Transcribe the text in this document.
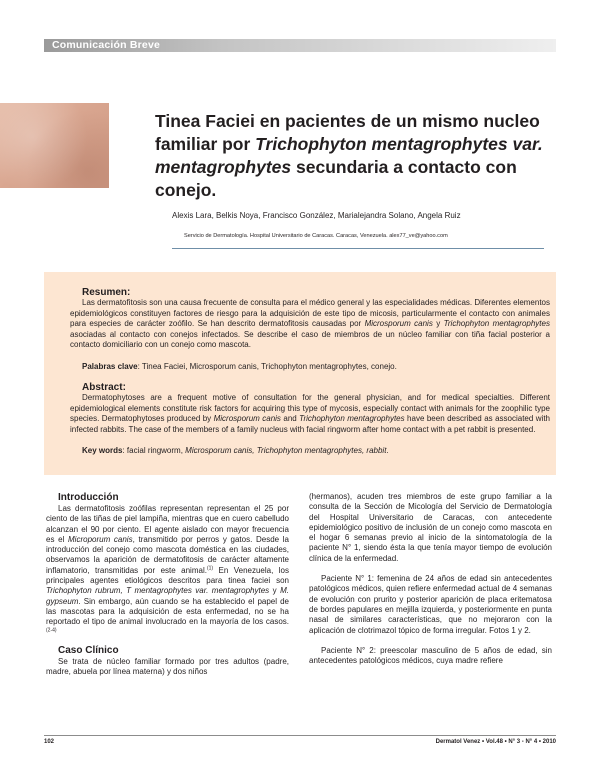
Comunicación Breve
Tinea Faciei en pacientes de un mismo nucleo familiar por Trichophyton mentagrophytes var. mentagrophytes secundaria a contacto con conejo.
Alexis Lara, Belkis Noya, Francisco González, Marialejandra Solano, Angela Ruiz
Servicio de Dermatología. Hospital Universitario de Caracas. Caracas, Venezuela. alex77_ve@yahoo.com
Resumen:

Las dermatofitosis son una causa frecuente de consulta para el médico general y las especialidades médicas. Diferentes elementos epidemiológicos constituyen factores de riesgo para la adquisición de este tipo de micosis, particularmente el contacto con animales para especies de carácter zoófilo. Se han descrito dermatofitosis causadas por Microsporum canis y Trichophyton mentagrophytes asociadas al contacto con conejos infectados. Se describe el caso de miembros de un núcleo familiar con tiña facial posterior a contacto domiciliario con un conejo como mascota.

Palabras clave: Tinea Faciei, Microsporum canis, Trichophyton mentagrophytes, conejo.

Abstract:

Dermatophytoses are a frequent motive of consultation for the general physician, and for medical specialties. Different epidemiological elements constitute risk factors for acquiring this type of mycosis, especially contact with animals for the zoophilic type species. Dermatophytoses produced by Microsporum canis and Trichophyton mentagrophytes have been described as associated with infected rabbits. The case of the members of a family nucleus with facial ringworm after home contact with a pet rabbit is presented.

Key words: facial ringworm, Microsporum canis, Trichophyton mentagrophytes, rabbit.

Introducción

Las dermatofitosis zoófilas representan representan el 25 por ciento de las tiñas de piel lampiña, mientras que en cuero cabelludo alcanzan el 90 por ciento. El agente aislado con mayor frecuencia es el Microporum canis, transmitido por perros y gatos. Desde la introducción del conejo como mascota doméstica en las ciudades, observamos la aparición de dermatofitosis de carácter altamente inflamatorio, transmitidas por este animal.$^{(1)}$ En Venezuela, los principales agentes etiológicos descritos para tinea faciei son Trichophyton rubrum, T mentagrophytes var. mentagrophytes y M. gypseum. Sin embargo, aún cuando se ha establecido el papel de las mascotas para la adquisición de esta enfermedad, no se ha reportado el tipo de animal involucrado en la mayoría de los casos.$^{(2-4)}$

Caso Clínico

Se trata de núcleo familiar formado por tres adultos (padre, madre, abuela por línea materna) y dos niños

(hermanos), acuden tres miembros de este grupo familiar a la consulta de la Sección de Micología del Servicio de Dermatología del Hospital Universitario de Caracas, con antecedente epidemiológico positivo de inclusión de un conejo como mascota en el hogar 6 semanas previo al inicio de la sintomatología de la paciente N° 1, siendo ésta la que tenía mayor tiempo de evolución clínica de la enfermedad.

Paciente N° 1: femenina de 24 años de edad sin antecedentes patológicos médicos, quien refiere enfermedad actual de 4 semanas de evolución con prurito y posterior aparición de placa eritematosa de bordes papulares en mejilla izquierda, y posteriormente en punta nasal de similares características, que no mejoraron con la aplicación de clotrimazol tópico de forma irregular. Fotos 1 y 2.

Paciente N° 2: preescolar masculino de 5 años de edad, sin antecedentes patológicos médicos, cuya madre refiere

102	Dermatol Venez • Vol.48 • N° 3 - N° 4 • 2010
